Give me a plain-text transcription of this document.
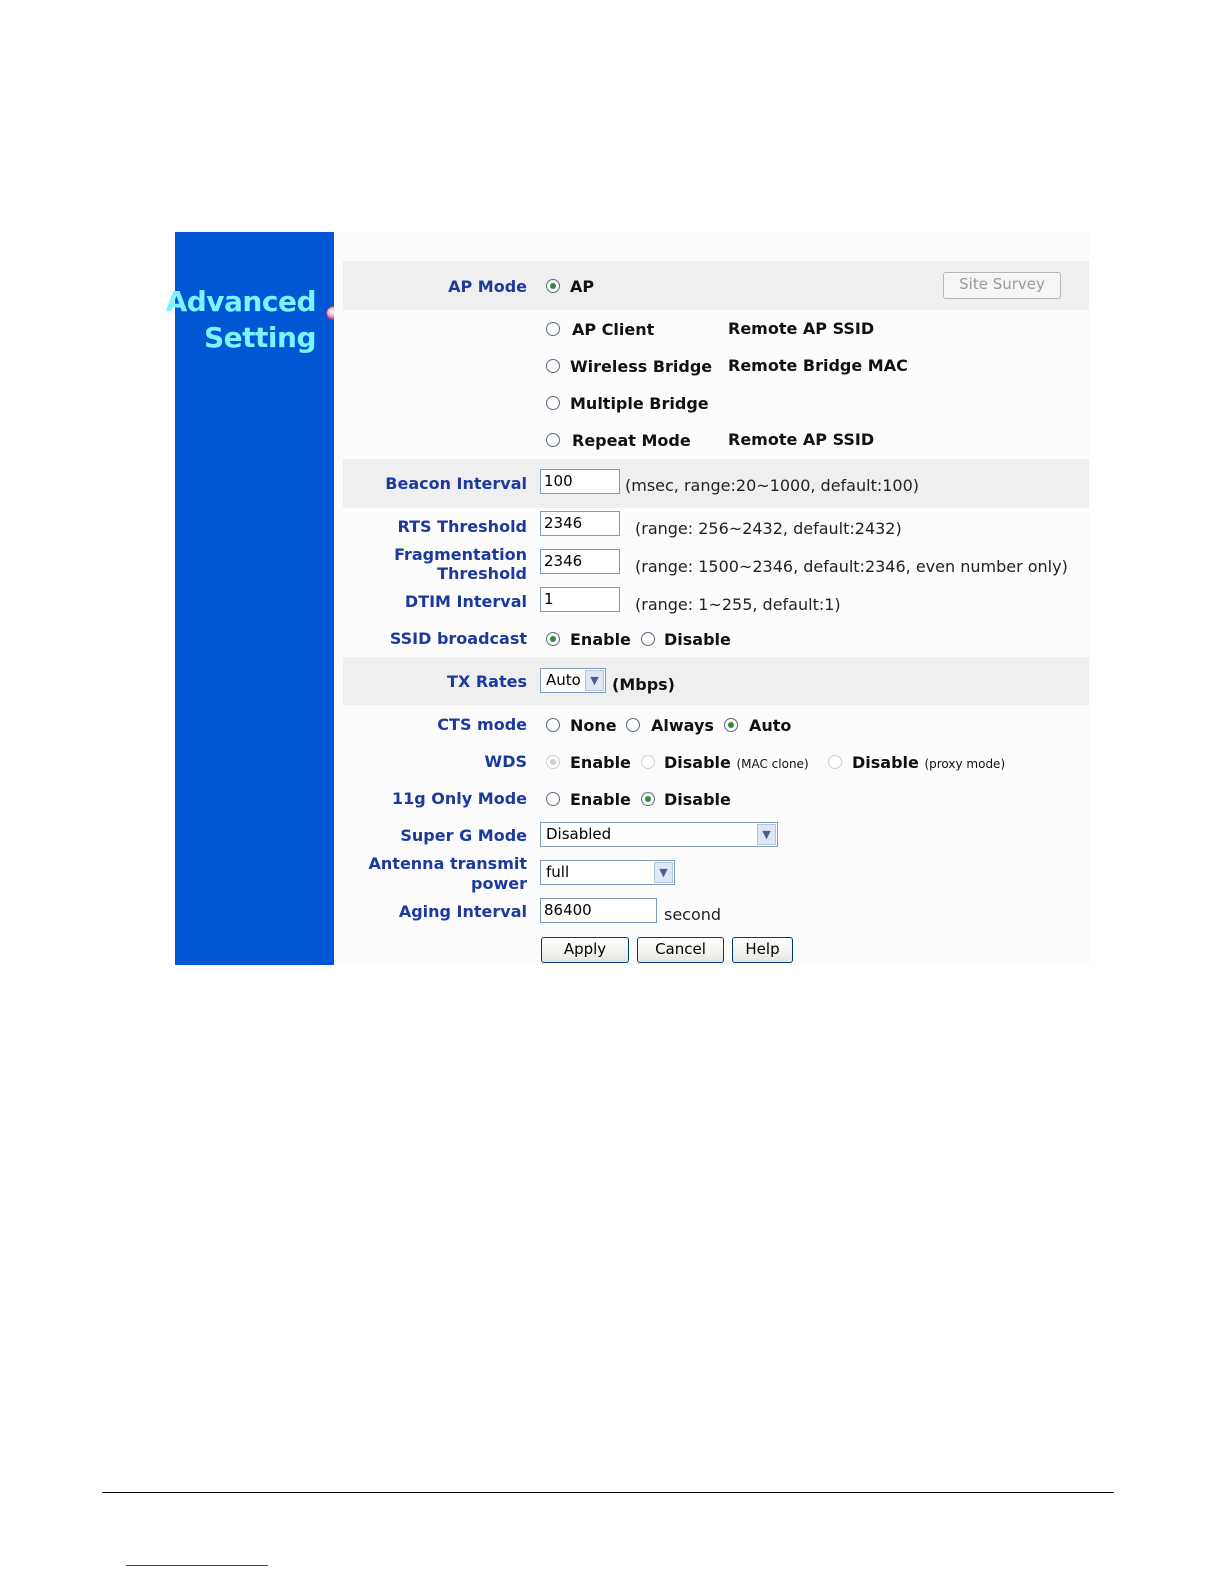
Advanced
Setting
AP Mode	AP	Site Survey
AP Client	Remote AP SSID
Wireless Bridge Remote Bridge MAC
Multiple Bridge
Repeat Mode Remote AP SSID
Beacon Interval 100	(msec, range:20~1000, default:100)
RTS Threshold 2346	(range: 256~2432, default:2432)
Fragmentation
Threshold
2346	(range: 1500~2346, default:2346, even number only)
DTIM Interval 1	(range: 1~255, default:1)
SSID broadcast	Enable Disable
TX Rates	Auto ▼ (Mbps)
CTS mode	None Always Auto
WDS	Enable Disable (MAC clone)	Disable (proxy mode)
11g Only Mode	Enable Disable
Super G Mode	Disabled	▼
Antenna transmit
power
full	▼
Aging Interval 86400	second
Apply	Cancel	Help
